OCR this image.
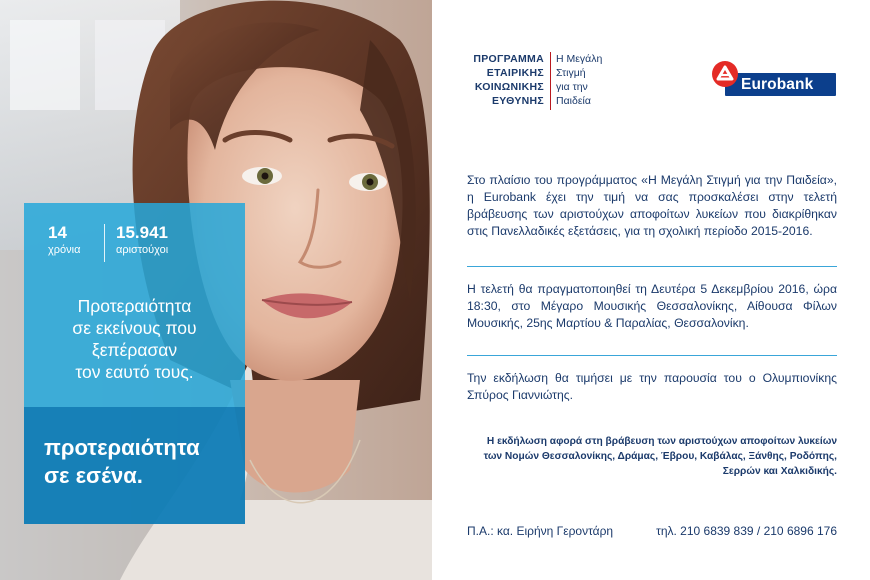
14
χρόνια
15.941
αριστούχοι
Προτεραιότητα
σε εκείνους που
ξεπέρασαν
τον εαυτό τους.
προτεραιότητα
σε εσένα.
ΠΡΟΓΡΑΜΜΑ
ΕΤΑΙΡΙΚΗΣ
ΚΟΙΝΩΝΙΚΗΣ
ΕΥΘΥΝΗΣ
Η Μεγάλη
Στιγμή
για την
Παιδεία
Eurobank
Στο πλαίσιο του προγράμματος «Η Μεγάλη Στιγμή για την Παιδεία», η Eurobank έχει την τιμή να σας προσκαλέσει στην τελετή βράβευσης των αριστούχων αποφοίτων λυκείων που διακρίθηκαν στις Πανελλαδικές εξετάσεις, για τη σχολική περίοδο 2015-2016.
Η τελετή θα πραγματοποιηθεί τη Δευτέρα 5 Δεκεμβρίου 2016, ώρα 18:30, στο Μέγαρο Μουσικής Θεσσαλονίκης, Αίθουσα Φίλων Μουσικής, 25ης Μαρτίου & Παραλίας, Θεσσαλονίκη.
Την εκδήλωση θα τιμήσει με την παρουσία του ο Ολυμπιονίκης Σπύρος Γιαννιώτης.
Η εκδήλωση αφορά στη βράβευση των αριστούχων αποφοίτων λυκείων των Νομών Θεσσαλονίκης, Δράμας, Έβρου, Καβάλας, Ξάνθης, Ροδόπης, Σερρών και Χαλκιδικής.
Π.Α.: κα. Ειρήνη Γεροντάρη	τηλ. 210 6839 839 / 210 6896 176
